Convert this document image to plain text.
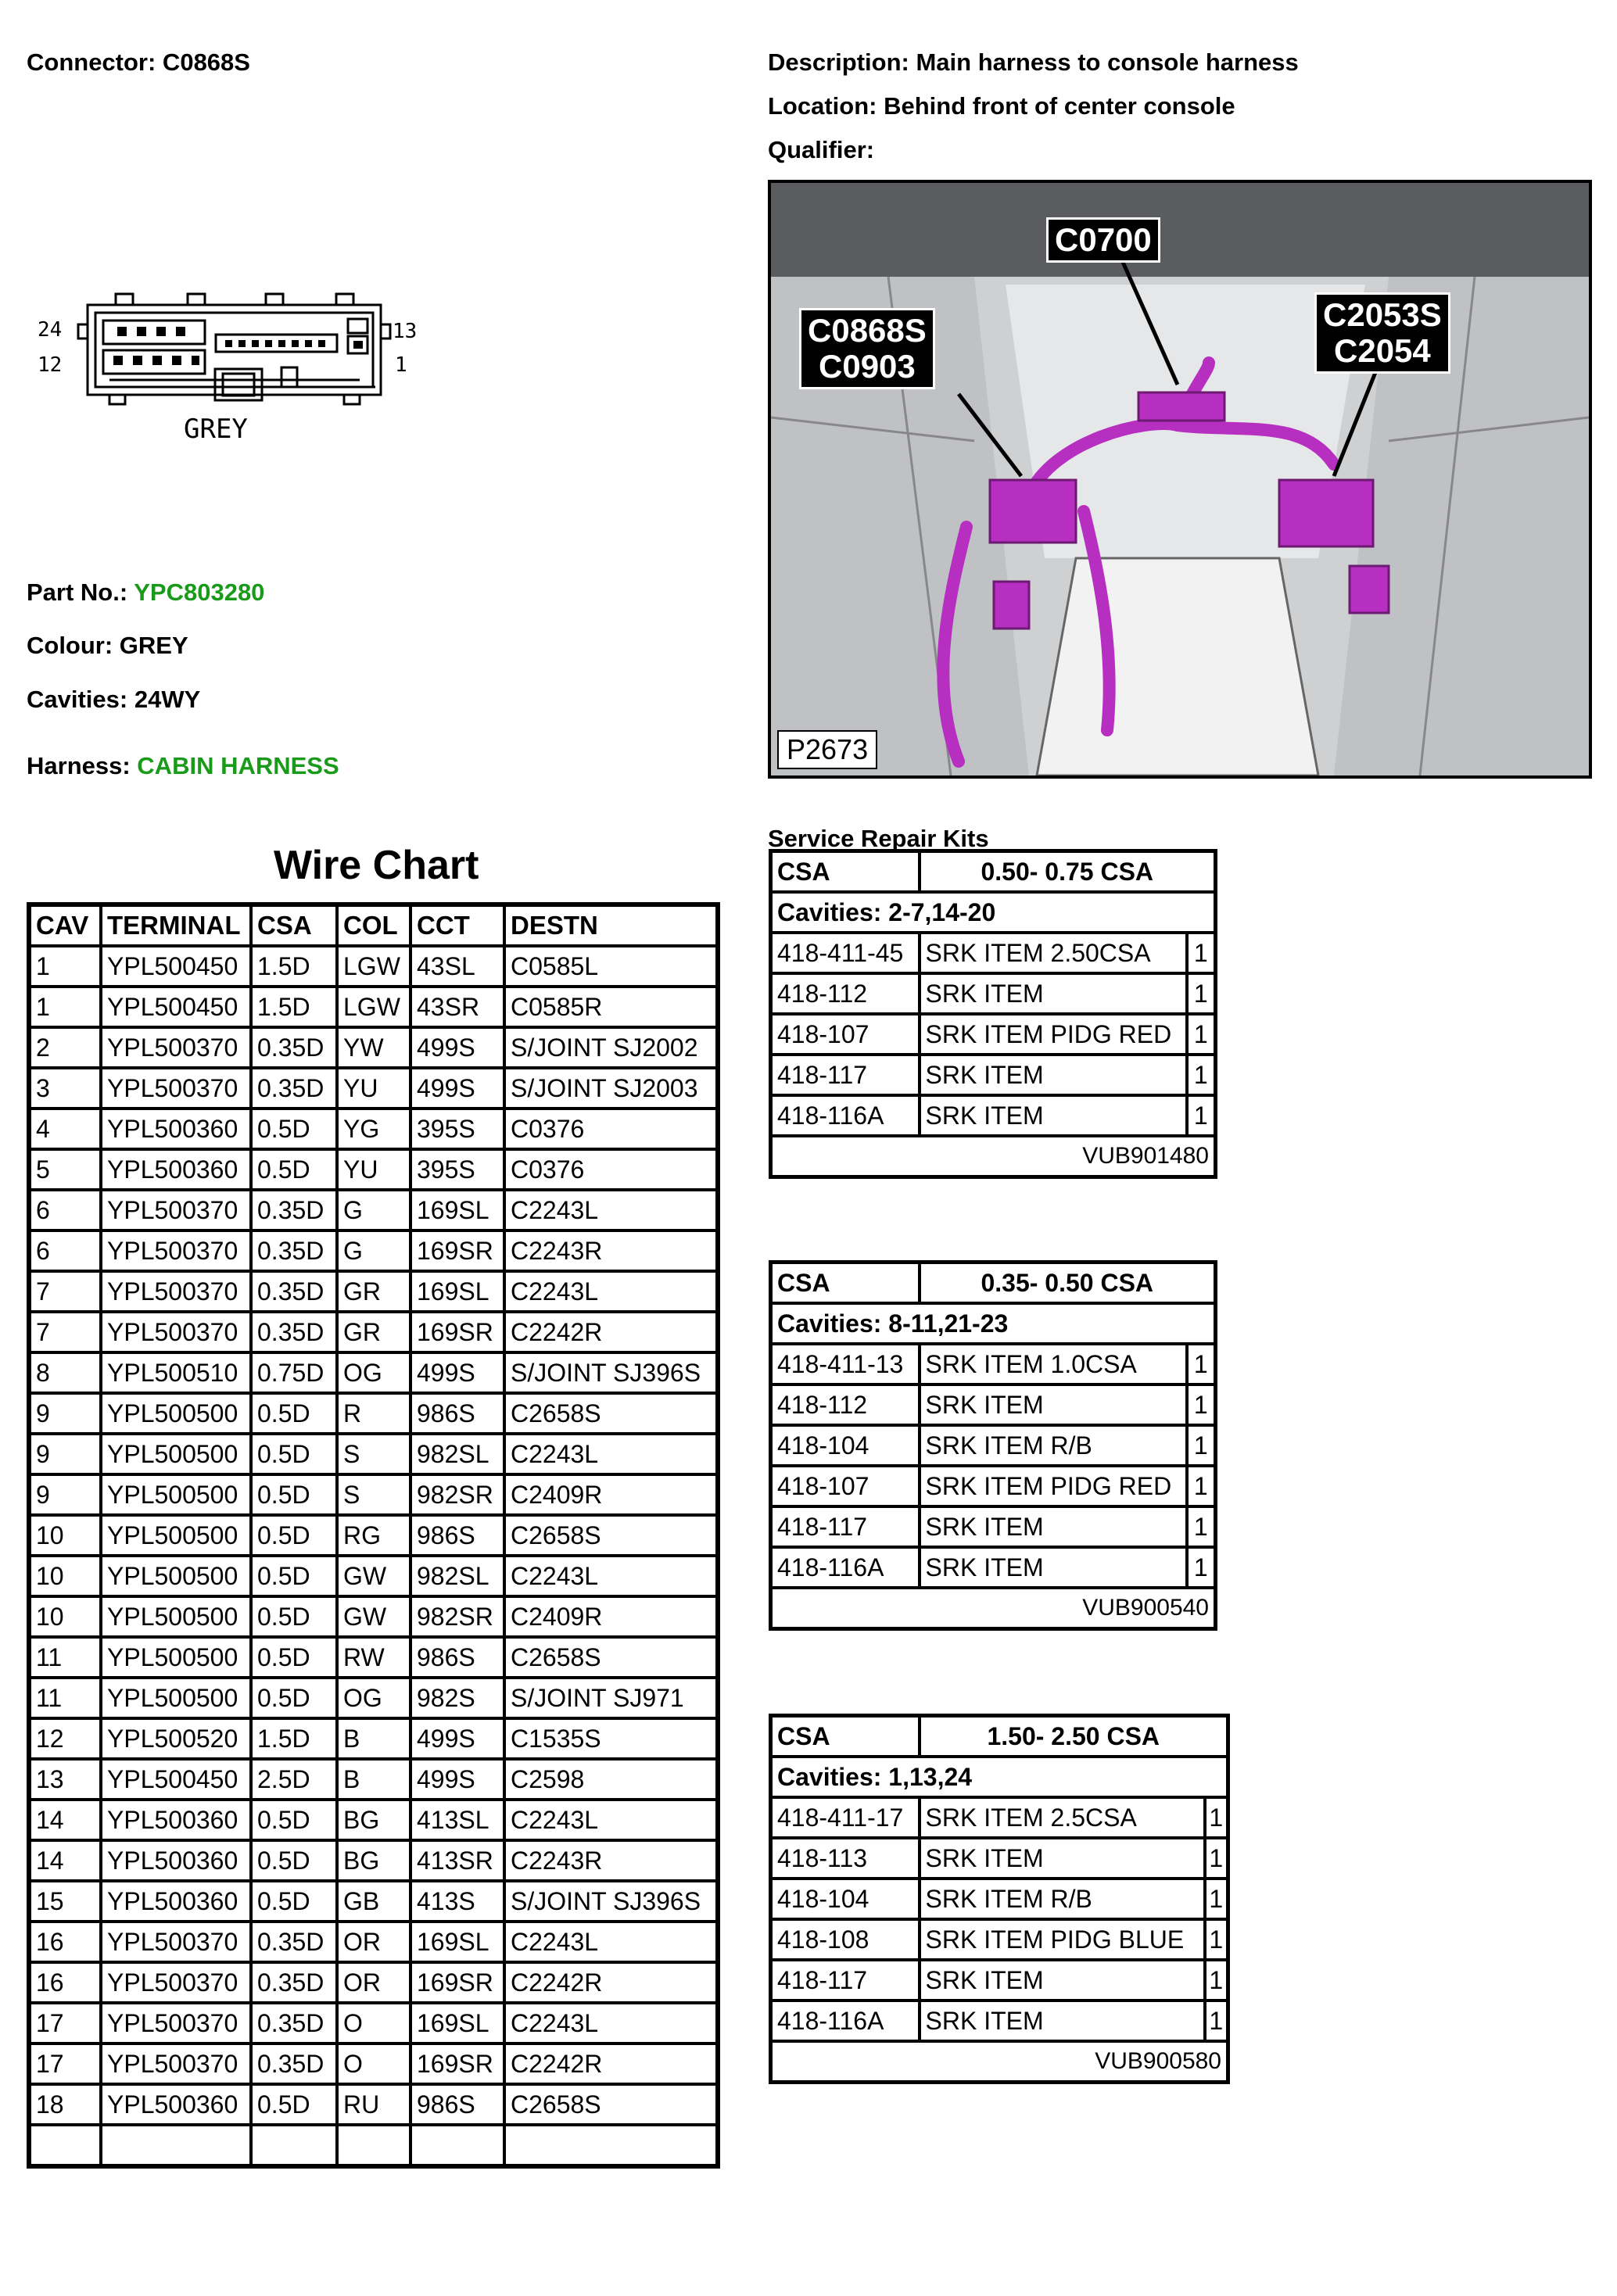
Connector: C0868S	Description: Main harness to console harness
Location: Behind front of center console
Qualifier:
24
12
13
1
GREY
Part No.: YPC803280
Colour: GREY
Cavities: 24WY
Harness: CABIN HARNESS
C0700
C0868S
C0903
C2053S
C2054
P2673
Wire Chart
CAV	TERMINAL	CSA	COL	CCT	DESTN
1	YPL500450	1.5D	LGW	43SL	C0585L
1	YPL500450	1.5D	LGW	43SR	C0585R
2	YPL500370	0.35D	YW	499S	S/JOINT SJ2002
3	YPL500370	0.35D	YU	499S	S/JOINT SJ2003
4	YPL500360	0.5D	YG	395S	C0376
5	YPL500360	0.5D	YU	395S	C0376
6	YPL500370	0.35D	G	169SL	C2243L
6	YPL500370	0.35D	G	169SR	C2243R
7	YPL500370	0.35D	GR	169SL	C2243L
7	YPL500370	0.35D	GR	169SR	C2242R
8	YPL500510	0.75D	OG	499S	S/JOINT SJ396S
9	YPL500500	0.5D	R	986S	C2658S
9	YPL500500	0.5D	S	982SL	C2243L
9	YPL500500	0.5D	S	982SR	C2409R
10	YPL500500	0.5D	RG	986S	C2658S
10	YPL500500	0.5D	GW	982SL	C2243L
10	YPL500500	0.5D	GW	982SR	C2409R
11	YPL500500	0.5D	RW	986S	C2658S
11	YPL500500	0.5D	OG	982S	S/JOINT SJ971
12	YPL500520	1.5D	B	499S	C1535S
13	YPL500450	2.5D	B	499S	C2598
14	YPL500360	0.5D	BG	413SL	C2243L
14	YPL500360	0.5D	BG	413SR	C2243R
15	YPL500360	0.5D	GB	413S	S/JOINT SJ396S
16	YPL500370	0.35D	OR	169SL	C2243L
16	YPL500370	0.35D	OR	169SR	C2242R
17	YPL500370	0.35D	O	169SL	C2243L
17	YPL500370	0.35D	O	169SR	C2242R
18	YPL500360	0.5D	RU	986S	C2658S

Service Repair Kits
CSA	0.50- 0.75 CSA	
Cavities: 2-7,14-20		
418-411-45	SRK ITEM 2.50CSA	1
418-112	SRK ITEM	1
418-107	SRK ITEM PIDG RED	1
418-117	SRK ITEM	1
418-116A	SRK ITEM	1
VUB901480		
CSA	0.35- 0.50 CSA	
Cavities: 8-11,21-23		
418-411-13	SRK ITEM 1.0CSA	1
418-112	SRK ITEM	1
418-104	SRK ITEM R/B	1
418-107	SRK ITEM PIDG RED	1
418-117	SRK ITEM	1
418-116A	SRK ITEM	1
VUB900540		
CSA	1.50- 2.50 CSA	
Cavities: 1,13,24		
418-411-17	SRK ITEM 2.5CSA	1
418-113	SRK ITEM	1
418-104	SRK ITEM R/B	1
418-108	SRK ITEM PIDG BLUE	1
418-117	SRK ITEM	1
418-116A	SRK ITEM	1
VUB900580		
